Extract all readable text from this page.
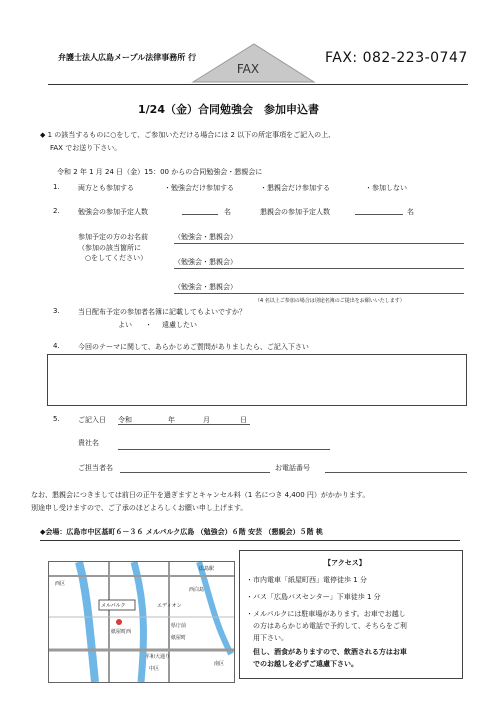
弁護士法人広島メープル法律事務所 行
FAX
FAX: 082-223-0747
1/24（金）合同勉強会　参加申込書
◆ 1 の該当するものに○をして、ご参加いただける場合には 2 以下の所定事項をご記入の上、
FAX でお送り下さい。
令和 2 年 1 月 24 日（金）15：00 からの合同勉強会・懇親会に
1.	両方とも参加する	・勉強会だけ参加する	・懇親会だけ参加する	・参加しない
2.	勉強会の参加予定人数	名	懇親会の参加予定人数	名
参加予定の方のお名前
（参加の該当箇所に
○をしてください）
（勉強会・懇親会）
（勉強会・懇親会）
（勉強会・懇親会）
（4 名以上ご参加の場合は別途名簿のご提出をお願いいたします）
3.	当日配布予定の参加者名簿に記載してもよいですか？
よい ・ 遠慮したい
4.	今回のテーマに関して、あらかじめご質問がありましたら、ご記入下さい
5.	ご記入日 令和	年	月	日
貴社名
ご担当者名	お電話番号
なお、懇親会につきましては前日の正午を過ぎますとキャンセル料（1 名につき 4,400 円）がかかります。
別途申し受けますので、ご了承のほどよろしくお願い申し上げます。
◆会場：広島市中区基町６－３６ メルパルク広島 （勉強会）６階 安芸 （懇親会）５階 桃
西区
広島駅
紙屋町西
メルパルク	エディオン
西白島
県庁前
平和大通り
中区
南区
紙屋町
【アクセス】
・市内電車「紙屋町西」電停徒歩 1 分
・バス「広島バスセンター」下車徒歩 1 分
・メルパルクには駐車場があります。お車でお越し
　の方はあらかじめ電話で予約して、そちらをご利
　用下さい。
　但し、酒食がありますので、飲酒される方はお車
　でのお越しを必ずご遠慮下さい。
